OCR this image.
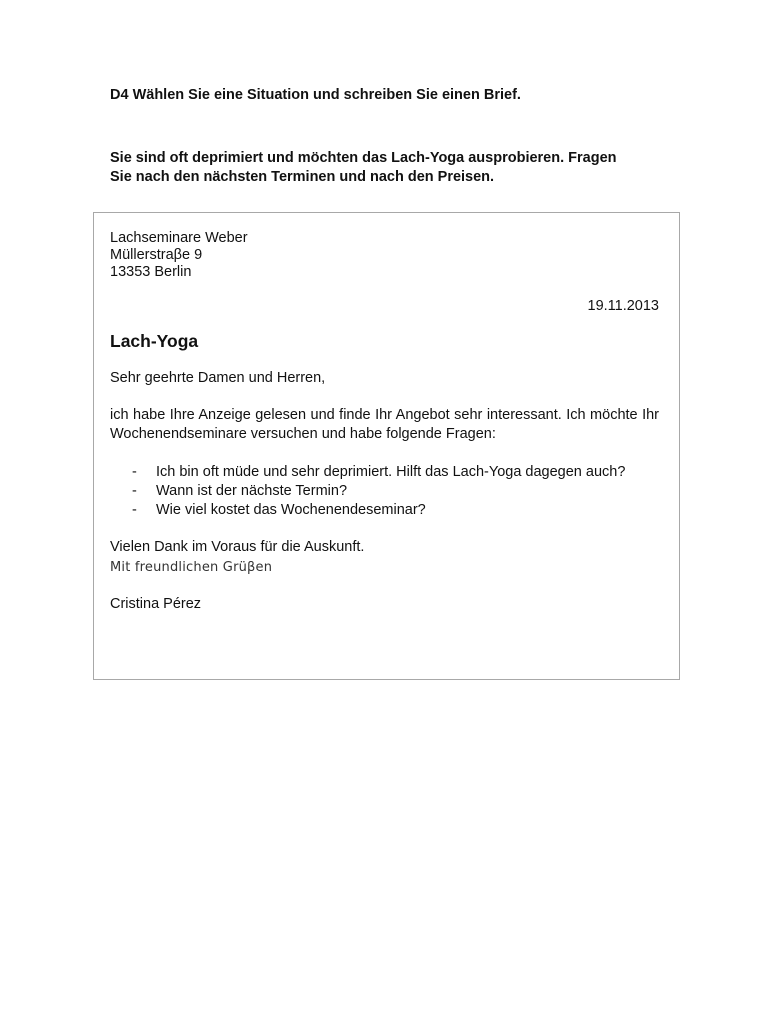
D4 Wählen Sie eine Situation und schreiben Sie einen Brief.
Sie sind oft deprimiert und möchten das Lach-Yoga ausprobieren. Fragen
Sie nach den nächsten Terminen und nach den Preisen.
Lachseminare Weber
Müllerstraβe 9
13353 Berlin
19.11.2013
Lach-Yoga
Sehr geehrte Damen und Herren,
ich habe Ihre Anzeige gelesen und finde Ihr Angebot sehr interessant. Ich möchte Ihr Wochenendseminare versuchen und habe folgende Fragen:
- Ich bin oft müde und sehr deprimiert. Hilft das Lach-Yoga dagegen auch?
- Wann ist der nächste Termin?
- Wie viel kostet das Wochenendeseminar?
Vielen Dank im Voraus für die Auskunft.
Mit freundlichen Grüβen
Cristina Pérez
